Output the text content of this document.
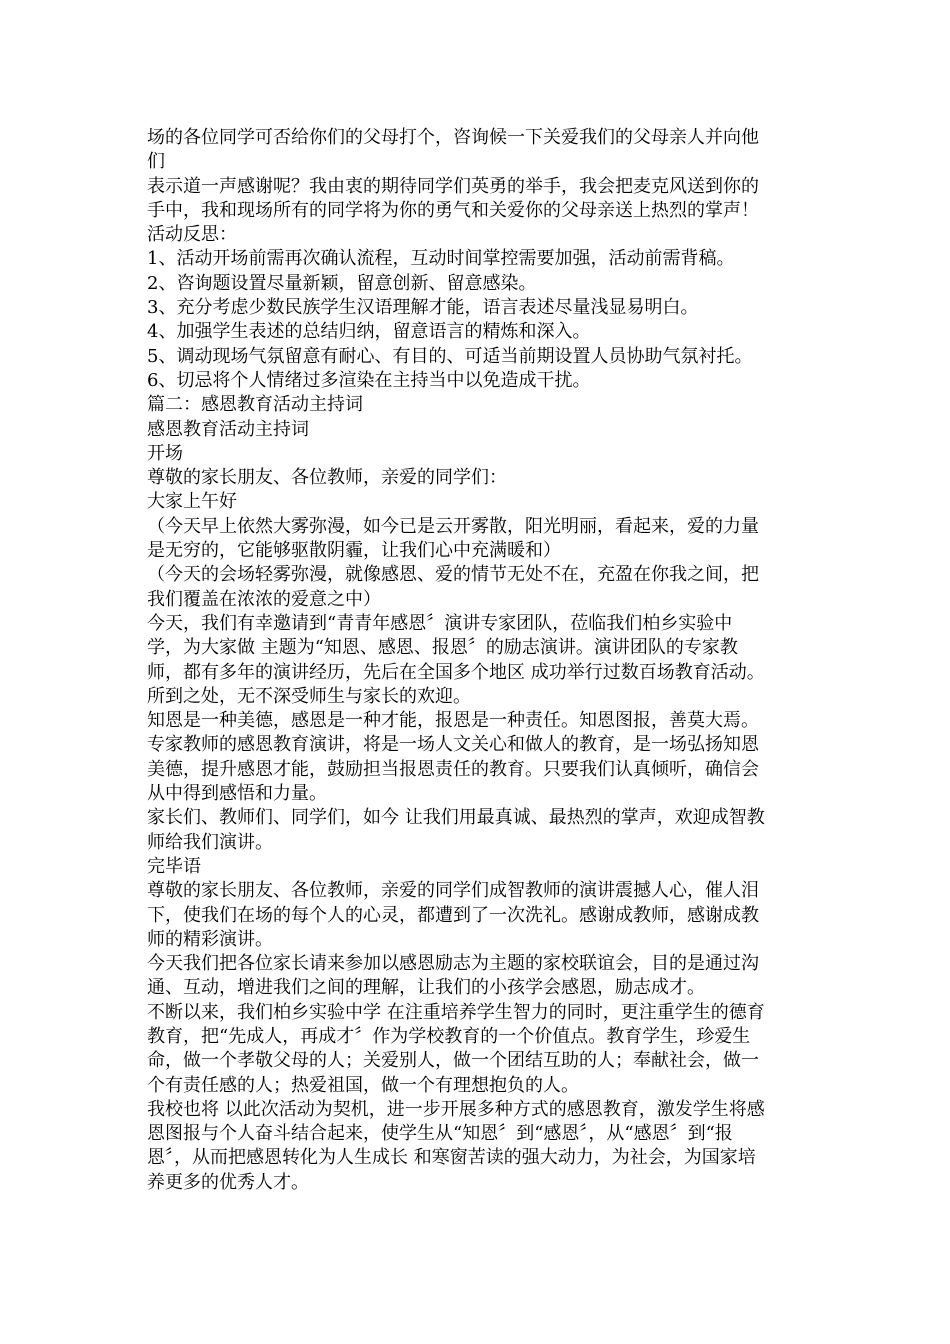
场的各位同学可否给你们的父母打个，咨询候一下关爱我们的父母亲人并向他
们
表示道一声感谢呢？我由衷的期待同学们英勇的举手，我会把麦克风送到你的
手中，我和现场所有的同学将为你的勇气和关爱你的父母亲送上热烈的掌声！
活动反思：
1、活动开场前需再次确认流程，互动时间掌控需要加强，活动前需背稿。
2、咨询题设置尽量新颖，留意创新、留意感染。
3、充分考虑少数民族学生汉语理解才能，语言表述尽量浅显易明白。
4、加强学生表述的总结归纳，留意语言的精炼和深入。
5、调动现场气氛留意有耐心、有目的、可适当前期设置人员协助气氛衬托。
6、切忌将个人情绪过多渲染在主持当中以免造成干扰。
篇二：感恩教育活动主持词
感恩教育活动主持词
开场
尊敬的家长朋友、各位教师，亲爱的同学们：
大家上午好
（今天早上依然大雾弥漫，如今已是云开雾散，阳光明丽，看起来，爱的力量
是无穷的，它能够驱散阴霾，让我们心中充满暖和）
（今天的会场轻雾弥漫，就像感恩、爱的情节无处不在，充盈在你我之间，把
我们覆盖在浓浓的爱意之中）
今天，我们有幸邀请到“青青年感恩〞演讲专家团队，莅临我们柏乡实验中
学，为大家做 主题为“知恩、感恩、报恩〞的励志演讲。演讲团队的专家教
师，都有多年的演讲经历，先后在全国多个地区 成功举行过数百场教育活动。
所到之处，无不深受师生与家长的欢迎。
知恩是一种美德，感恩是一种才能，报恩是一种责任。知恩图报，善莫大焉。
专家教师的感恩教育演讲，将是一场人文关心和做人的教育，是一场弘扬知恩
美德，提升感恩才能，鼓励担当报恩责任的教育。只要我们认真倾听，确信会
从中得到感悟和力量。
家长们、教师们、同学们，如今 让我们用最真诚、最热烈的掌声，欢迎成智教
师给我们演讲。
完毕语
尊敬的家长朋友、各位教师，亲爱的同学们成智教师的演讲震撼人心，催人泪
下，使我们在场的每个人的心灵，都遭到了一次洗礼。感谢成教师，感谢成教
师的精彩演讲。
今天我们把各位家长请来参加以感恩励志为主题的家校联谊会，目的是通过沟
通、互动，增进我们之间的理解，让我们的小孩学会感恩，励志成才。
不断以来，我们柏乡实验中学 在注重培养学生智力的同时，更注重学生的德育
教育，把“先成人，再成才〞作为学校教育的一个价值点。教育学生，珍爱生
命，做一个孝敬父母的人；关爱别人，做一个团结互助的人；奉献社会，做一
个有责任感的人；热爱祖国，做一个有理想抱负的人。
我校也将 以此次活动为契机，进一步开展多种方式的感恩教育，激发学生将感
恩图报与个人奋斗结合起来，使学生从“知恩〞到“感恩〞，从“感恩〞到“报
恩〞，从而把感恩转化为人生成长 和寒窗苦读的强大动力，为社会，为国家培
养更多的优秀人才。
